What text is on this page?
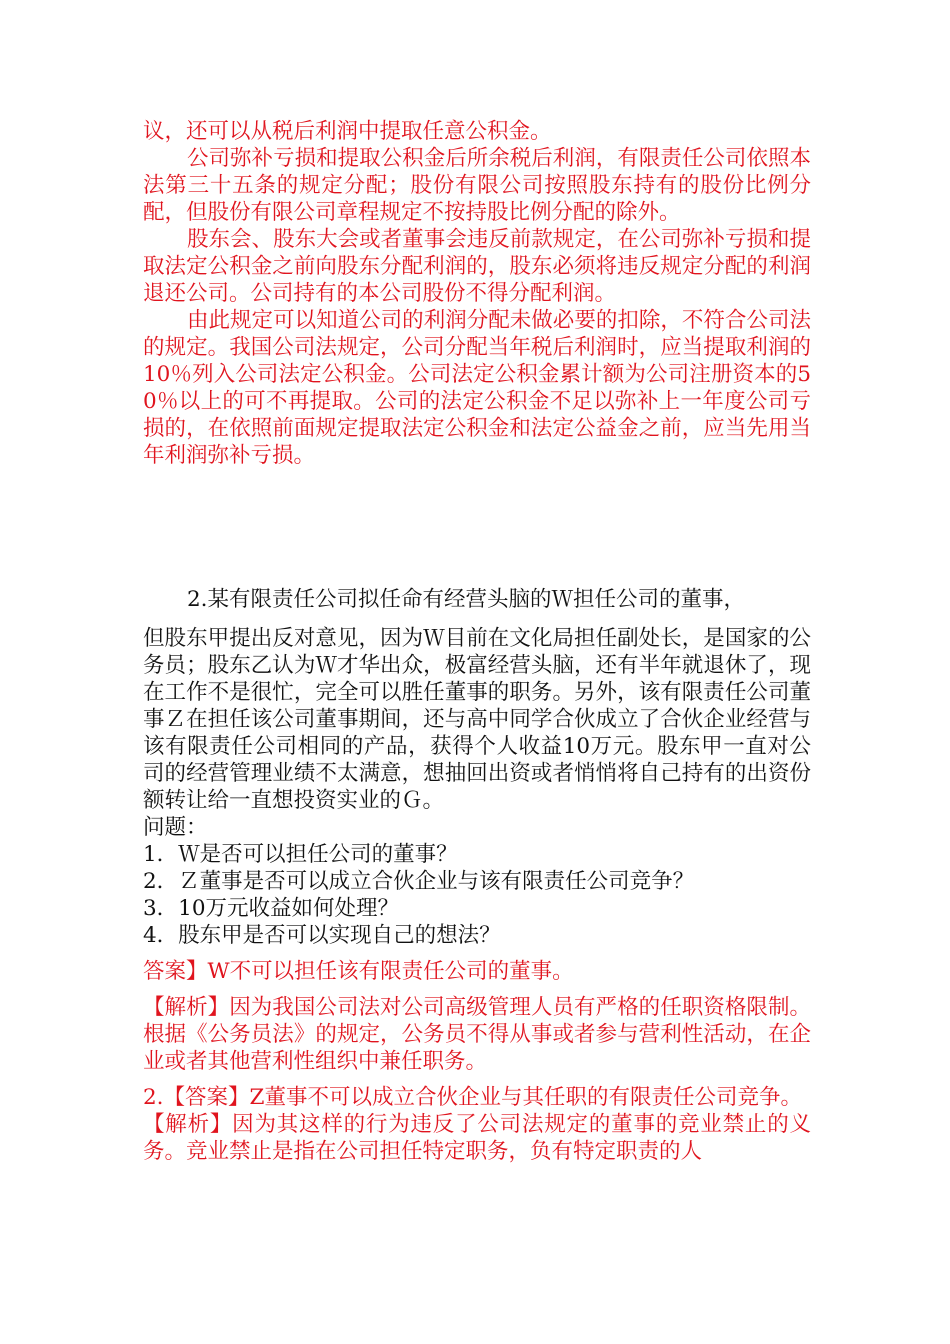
议，还可以从税后利润中提取任意公积金。

公司弥补亏损和提取公积金后所余税后利润，有限责任公司依照本法第三十五条的规定分配；股份有限公司按照股东持有的股份比例分配，但股份有限公司章程规定不按持股比例分配的除外。

股东会、股东大会或者董事会违反前款规定，在公司弥补亏损和提取法定公积金之前向股东分配利润的，股东必须将违反规定分配的利润退还公司。公司持有的本公司股份不得分配利润。

由此规定可以知道公司的利润分配未做必要的扣除，不符合公司法的规定。我国公司法规定，公司分配当年税后利润时，应当提取利润的10％列入公司法定公积金。公司法定公积金累计额为公司注册资本的50％以上的可不再提取。公司的法定公积金不足以弥补上一年度公司亏损的，在依照前面规定提取法定公积金和法定公益金之前，应当先用当年利润弥补亏损。

2.某有限责任公司拟任命有经营头脑的Ｗ担任公司的董事，

但股东甲提出反对意见，因为Ｗ目前在文化局担任副处长，是国家的公务员；股东乙认为Ｗ才华出众，极富经营头脑，还有半年就退休了，现在工作不是很忙，完全可以胜任董事的职务。另外，该有限责任公司董事Ｚ在担任该公司董事期间，还与高中同学合伙成立了合伙企业经营与该有限责任公司相同的产品，获得个人收益10万元。股东甲一直对公司的经营管理业绩不太满意，想抽回出资或者悄悄将自己持有的出资份额转让给一直想投资实业的Ｇ。

问题：

1．Ｗ是否可以担任公司的董事？

2．Ｚ董事是否可以成立合伙企业与该有限责任公司竞争？

3．10万元收益如何处理？

4．股东甲是否可以实现自己的想法？

答案】W不可以担任该有限责任公司的董事。

【解析】因为我国公司法对公司高级管理人员有严格的任职资格限制。根据《公务员法》的规定，公务员不得从事或者参与营利性活动，在企业或者其他营利性组织中兼任职务。

2.【答案】Z董事不可以成立合伙企业与其任职的有限责任公司竞争。

【解析】因为其这样的行为违反了公司法规定的董事的竞业禁止的义务。竞业禁止是指在公司担任特定职务，负有特定职责的人
